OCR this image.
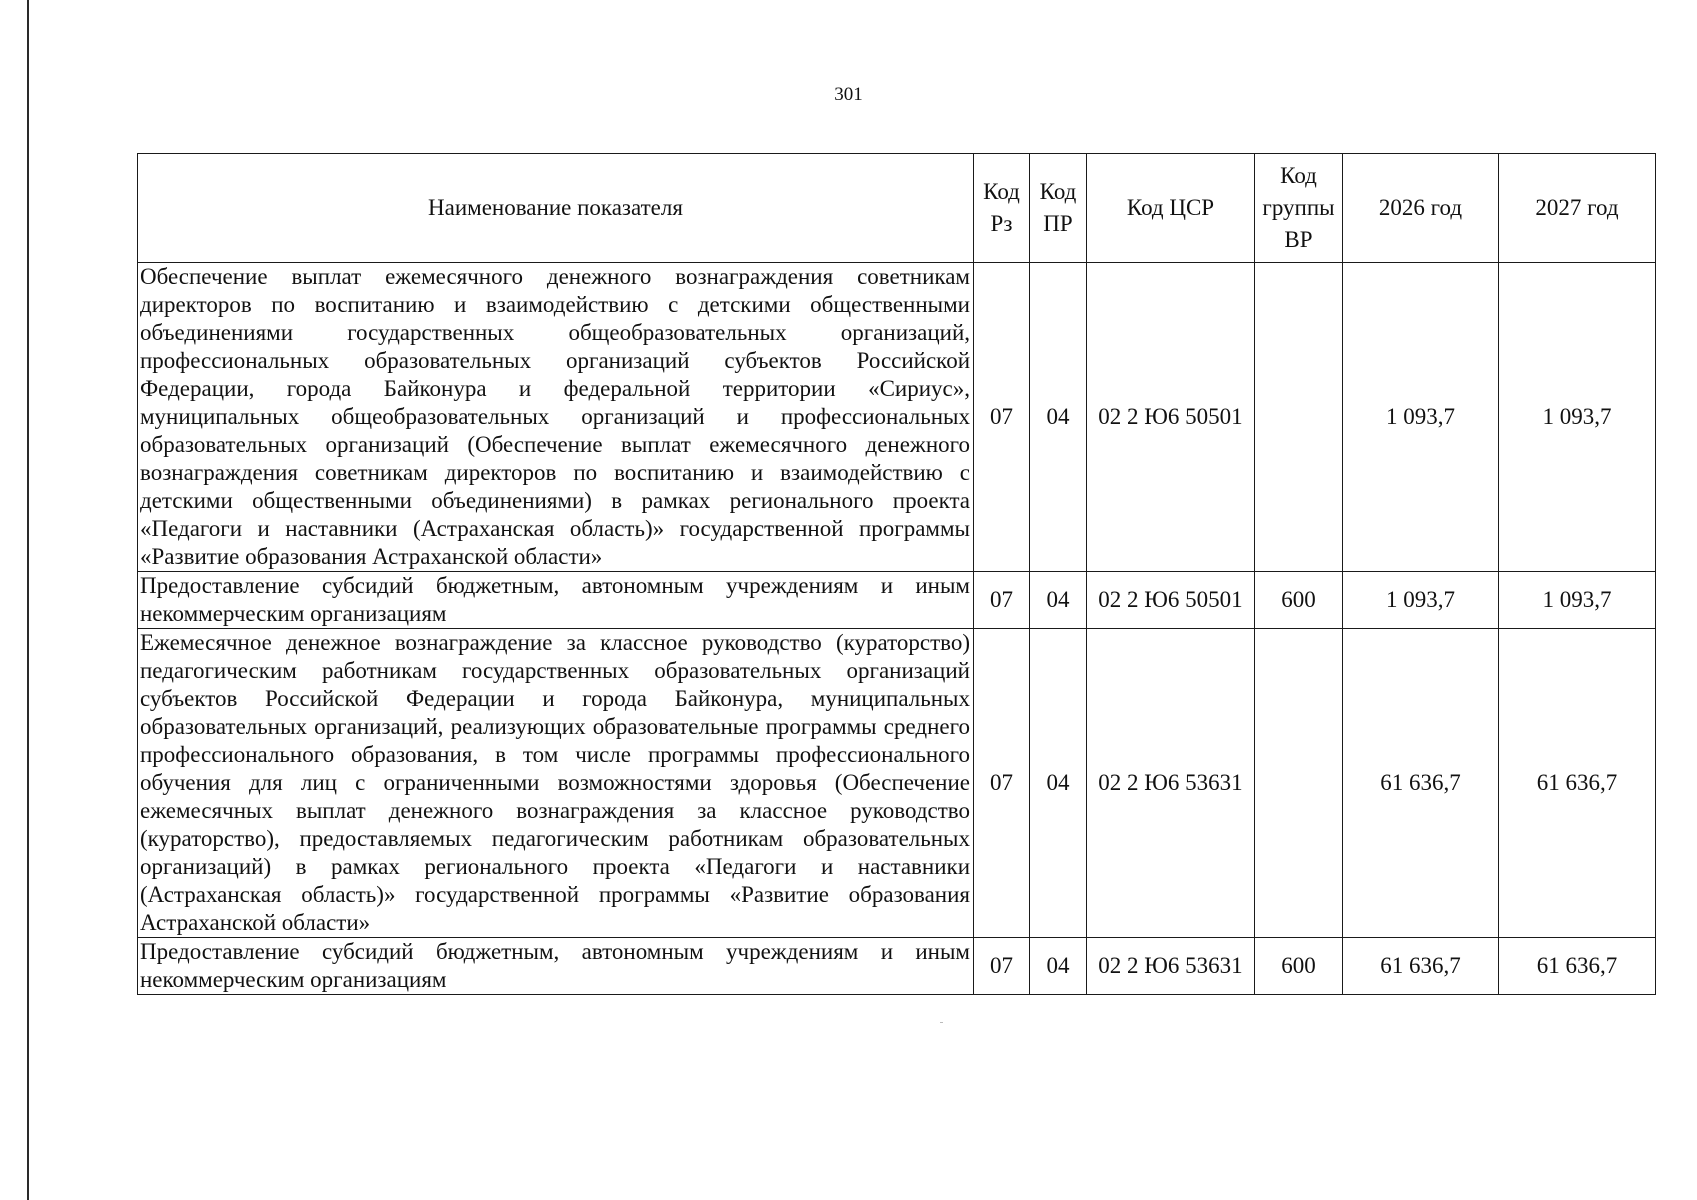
301
Наименование показателя	Код Рз	Код ПР	Код ЦСР	Код группы ВР	2026 год	2027 год
Обеспечение выплат ежемесячного денежного вознаграждения советникам директоров по воспитанию и взаимодействию с детскими общественными объединениями государственных общеобразовательных организаций, профессиональных образовательных организаций субъектов Российской Федерации, города Байконура и федеральной территории «Сириус», муниципальных общеобразовательных организаций и профессиональных образовательных организаций (Обеспечение выплат ежемесячного денежного вознаграждения советникам директоров по воспитанию и взаимодействию с детскими общественными объединениями) в рамках регионального проекта «Педагоги и наставники (Астраханская область)» государственной программы «Развитие образования Астраханской области»	07	04	02 2 Ю6 50501		1 093,7	1 093,7
Предоставление субсидий бюджетным, автономным учреждениям и иным некоммерческим организациям	07	04	02 2 Ю6 50501	600	1 093,7	1 093,7
Ежемесячное денежное вознаграждение за классное руководство (кураторство) педагогическим работникам государственных образовательных организаций субъектов Российской Федерации и города Байконура, муниципальных образовательных организаций, реализующих образовательные программы среднего профессионального образования, в том числе программы профессионального обучения для лиц с ограниченными возможностями здоровья (Обеспечение ежемесячных выплат денежного вознаграждения за классное руководство (кураторство), предоставляемых педагогическим работникам образовательных организаций) в рамках регионального проекта «Педагоги и наставники (Астраханская область)» государственной программы «Развитие образования Астраханской области»	07	04	02 2 Ю6 53631		61 636,7	61 636,7
Предоставление субсидий бюджетным, автономным учреждениям и иным некоммерческим организациям	07	04	02 2 Ю6 53631	600	61 636,7	61 636,7
